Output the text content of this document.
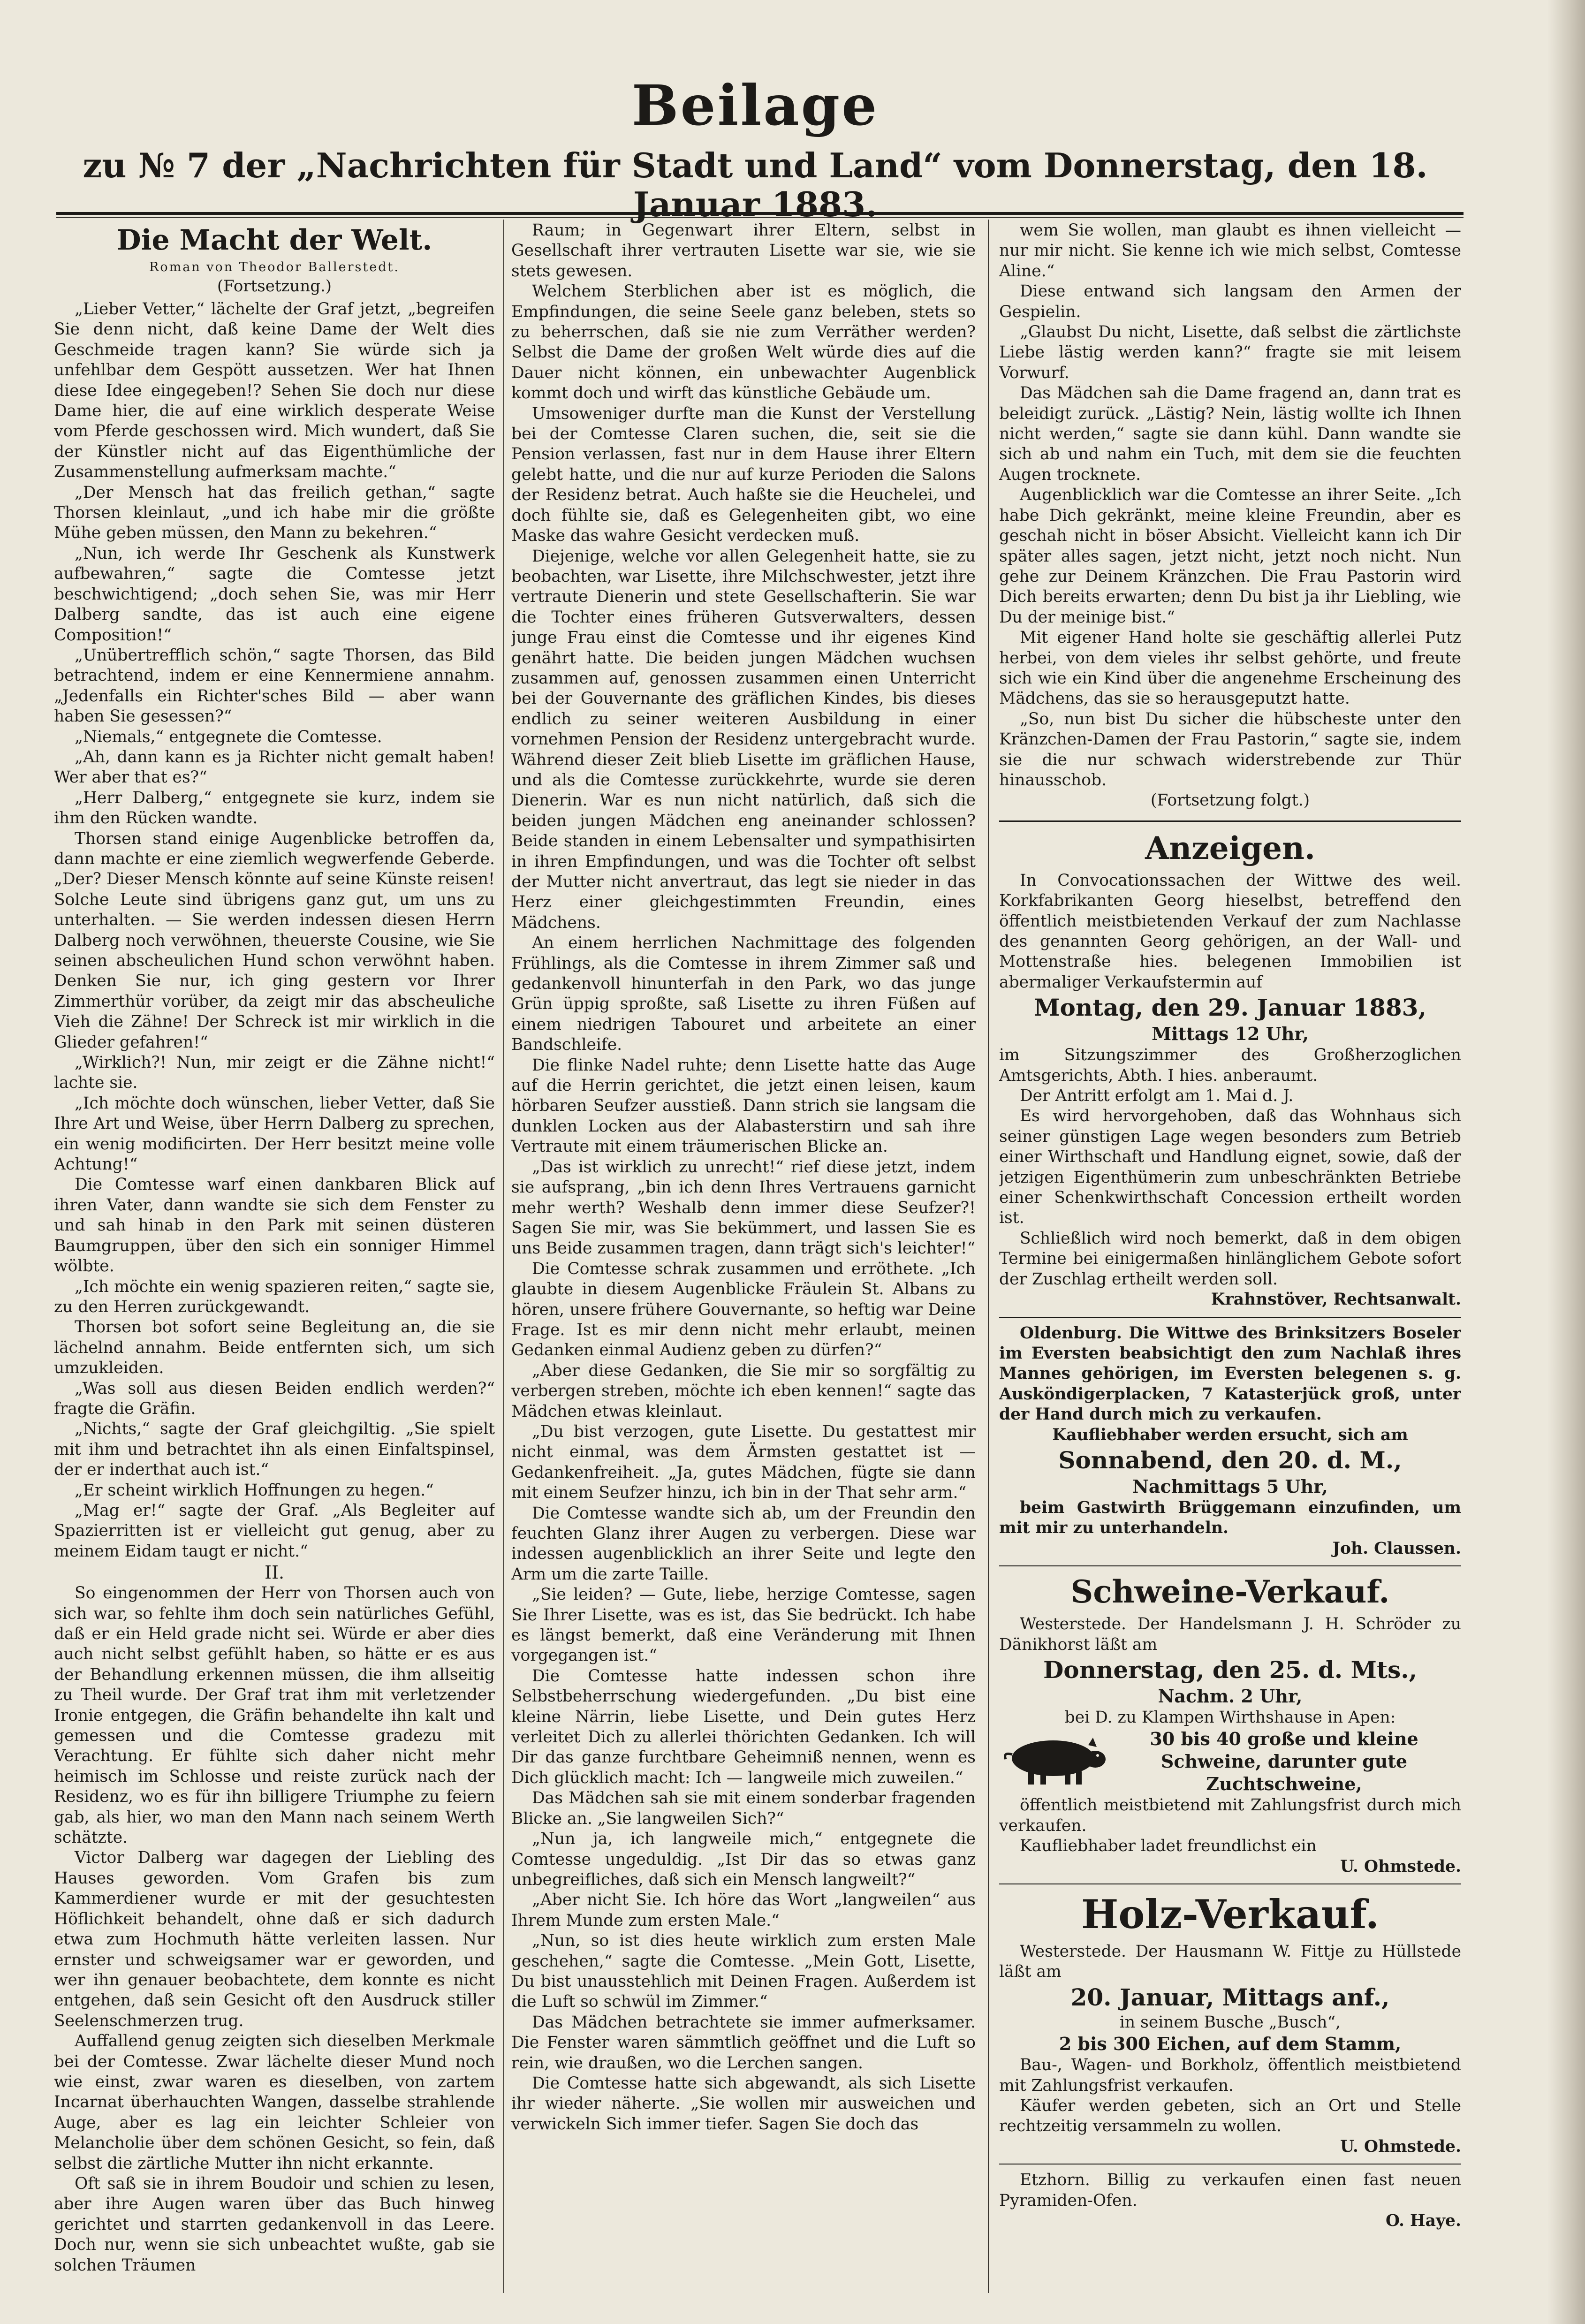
Beilage
zu № 7 der „Nachrichten für Stadt und Land“ vom Donnerstag, den 18. Januar 1883.
Die Macht der Welt.
Roman von Theodor Ballerstedt.
(Fortsetzung.)

„Lieber Vetter,“ lächelte der Graf jetzt, „begreifen Sie denn nicht, daß keine Dame der Welt dies Geschmeide tragen kann? Sie würde sich ja unfehlbar dem Gespött aussetzen. Wer hat Ihnen diese Idee eingegeben!? Sehen Sie doch nur diese Dame hier, die auf eine wirklich desperate Weise vom Pferde geschossen wird. Mich wundert, daß Sie der Künstler nicht auf das Eigenthümliche der Zusammenstellung aufmerksam machte.“

„Der Mensch hat das freilich gethan,“ sagte Thorsen kleinlaut, „und ich habe mir die größte Mühe geben müssen, den Mann zu bekehren.“

„Nun, ich werde Ihr Geschenk als Kunstwerk aufbewahren,“ sagte die Comtesse jetzt beschwichtigend; „doch sehen Sie, was mir Herr Dalberg sandte, das ist auch eine eigene Composition!“

„Unübertrefflich schön,“ sagte Thorsen, das Bild betrachtend, indem er eine Kennermiene annahm. „Jedenfalls ein Richter'sches Bild — aber wann haben Sie gesessen?“

„Niemals,“ entgegnete die Comtesse.

„Ah, dann kann es ja Richter nicht gemalt haben! Wer aber that es?“

„Herr Dalberg,“ entgegnete sie kurz, indem sie ihm den Rücken wandte.

Thorsen stand einige Augenblicke betroffen da, dann machte er eine ziemlich wegwerfende Geberde. „Der? Dieser Mensch könnte auf seine Künste reisen! Solche Leute sind übrigens ganz gut, um uns zu unterhalten. — Sie werden indessen diesen Herrn Dalberg noch verwöhnen, theuerste Cousine, wie Sie seinen abscheulichen Hund schon verwöhnt haben. Denken Sie nur, ich ging gestern vor Ihrer Zimmerthür vorüber, da zeigt mir das abscheuliche Vieh die Zähne! Der Schreck ist mir wirklich in die Glieder gefahren!“

„Wirklich?! Nun, mir zeigt er die Zähne nicht!“ lachte sie.

„Ich möchte doch wünschen, lieber Vetter, daß Sie Ihre Art und Weise, über Herrn Dalberg zu sprechen, ein wenig modificirten. Der Herr besitzt meine volle Achtung!“

Die Comtesse warf einen dankbaren Blick auf ihren Vater, dann wandte sie sich dem Fenster zu und sah hinab in den Park mit seinen düsteren Baumgruppen, über den sich ein sonniger Himmel wölbte.

„Ich möchte ein wenig spazieren reiten,“ sagte sie, zu den Herren zurückgewandt.

Thorsen bot sofort seine Begleitung an, die sie lächelnd annahm. Beide entfernten sich, um sich umzukleiden.

„Was soll aus diesen Beiden endlich werden?“ fragte die Gräfin.

„Nichts,“ sagte der Graf gleichgiltig. „Sie spielt mit ihm und betrachtet ihn als einen Einfaltspinsel, der er inderthat auch ist.“

„Er scheint wirklich Hoffnungen zu hegen.“

„Mag er!“ sagte der Graf. „Als Begleiter auf Spazierritten ist er vielleicht gut genug, aber zu meinem Eidam taugt er nicht.“

II.

So eingenommen der Herr von Thorsen auch von sich war, so fehlte ihm doch sein natürliches Gefühl, daß er ein Held grade nicht sei. Würde er aber dies auch nicht selbst gefühlt haben, so hätte er es aus der Behandlung erkennen müssen, die ihm allseitig zu Theil wurde. Der Graf trat ihm mit verletzender Ironie entgegen, die Gräfin behandelte ihn kalt und gemessen und die Comtesse gradezu mit Verachtung. Er fühlte sich daher nicht mehr heimisch im Schlosse und reiste zurück nach der Residenz, wo es für ihn billigere Triumphe zu feiern gab, als hier, wo man den Mann nach seinem Werth schätzte.

Victor Dalberg war dagegen der Liebling des Hauses geworden. Vom Grafen bis zum Kammerdiener wurde er mit der gesuchtesten Höflichkeit behandelt, ohne daß er sich dadurch etwa zum Hochmuth hätte verleiten lassen. Nur ernster und schweigsamer war er geworden, und wer ihn genauer beobachtete, dem konnte es nicht entgehen, daß sein Gesicht oft den Ausdruck stiller Seelenschmerzen trug.

Auffallend genug zeigten sich dieselben Merkmale bei der Comtesse. Zwar lächelte dieser Mund noch wie einst, zwar waren es dieselben, von zartem Incarnat überhauchten Wangen, dasselbe strahlende Auge, aber es lag ein leichter Schleier von Melancholie über dem schönen Gesicht, so fein, daß selbst die zärtliche Mutter ihn nicht erkannte.

Oft saß sie in ihrem Boudoir und schien zu lesen, aber ihre Augen waren über das Buch hinweg gerichtet und starrten gedankenvoll in das Leere. Doch nur, wenn sie sich unbeachtet wußte, gab sie solchen Träumen

Raum; in Gegenwart ihrer Eltern, selbst in Gesellschaft ihrer vertrauten Lisette war sie, wie sie stets gewesen.

Welchem Sterblichen aber ist es möglich, die Empfindungen, die seine Seele ganz beleben, stets so zu beherrschen, daß sie nie zum Verräther werden? Selbst die Dame der großen Welt würde dies auf die Dauer nicht können, ein unbewachter Augenblick kommt doch und wirft das künstliche Gebäude um.

Umsoweniger durfte man die Kunst der Verstellung bei der Comtesse Claren suchen, die, seit sie die Pension verlassen, fast nur in dem Hause ihrer Eltern gelebt hatte, und die nur auf kurze Perioden die Salons der Residenz betrat. Auch haßte sie die Heuchelei, und doch fühlte sie, daß es Gelegenheiten gibt, wo eine Maske das wahre Gesicht verdecken muß.

Diejenige, welche vor allen Gelegenheit hatte, sie zu beobachten, war Lisette, ihre Milchschwester, jetzt ihre vertraute Dienerin und stete Gesellschafterin. Sie war die Tochter eines früheren Gutsverwalters, dessen junge Frau einst die Comtesse und ihr eigenes Kind genährt hatte. Die beiden jungen Mädchen wuchsen zusammen auf, genossen zusammen einen Unterricht bei der Gouvernante des gräflichen Kindes, bis dieses endlich zu seiner weiteren Ausbildung in einer vornehmen Pension der Residenz untergebracht wurde. Während dieser Zeit blieb Lisette im gräflichen Hause, und als die Comtesse zurückkehrte, wurde sie deren Dienerin. War es nun nicht natürlich, daß sich die beiden jungen Mädchen eng aneinander schlossen? Beide standen in einem Lebensalter und sympathisirten in ihren Empfindungen, und was die Tochter oft selbst der Mutter nicht anvertraut, das legt sie nieder in das Herz einer gleichgestimmten Freundin, eines Mädchens.

An einem herrlichen Nachmittage des folgenden Frühlings, als die Comtesse in ihrem Zimmer saß und gedankenvoll hinunterfah in den Park, wo das junge Grün üppig sproßte, saß Lisette zu ihren Füßen auf einem niedrigen Tabouret und arbeitete an einer Bandschleife.

Die flinke Nadel ruhte; denn Lisette hatte das Auge auf die Herrin gerichtet, die jetzt einen leisen, kaum hörbaren Seufzer ausstieß. Dann strich sie langsam die dunklen Locken aus der Alabasterstirn und sah ihre Vertraute mit einem träumerischen Blicke an.

„Das ist wirklich zu unrecht!“ rief diese jetzt, indem sie aufsprang, „bin ich denn Ihres Vertrauens garnicht mehr werth? Weshalb denn immer diese Seufzer?! Sagen Sie mir, was Sie bekümmert, und lassen Sie es uns Beide zusammen tragen, dann trägt sich's leichter!“

Die Comtesse schrak zusammen und erröthete. „Ich glaubte in diesem Augenblicke Fräulein St. Albans zu hören, unsere frühere Gouvernante, so heftig war Deine Frage. Ist es mir denn nicht mehr erlaubt, meinen Gedanken einmal Audienz geben zu dürfen?“

„Aber diese Gedanken, die Sie mir so sorgfältig zu verbergen streben, möchte ich eben kennen!“ sagte das Mädchen etwas kleinlaut.

„Du bist verzogen, gute Lisette. Du gestattest mir nicht einmal, was dem Ärmsten gestattet ist — Gedankenfreiheit. „Ja, gutes Mädchen, fügte sie dann mit einem Seufzer hinzu, ich bin in der That sehr arm.“

Die Comtesse wandte sich ab, um der Freundin den feuchten Glanz ihrer Augen zu verbergen. Diese war indessen augenblicklich an ihrer Seite und legte den Arm um die zarte Taille.

„Sie leiden? — Gute, liebe, herzige Comtesse, sagen Sie Ihrer Lisette, was es ist, das Sie bedrückt. Ich habe es längst bemerkt, daß eine Veränderung mit Ihnen vorgegangen ist.“

Die Comtesse hatte indessen schon ihre Selbstbeherrschung wiedergefunden. „Du bist eine kleine Närrin, liebe Lisette, und Dein gutes Herz verleitet Dich zu allerlei thörichten Gedanken. Ich will Dir das ganze furchtbare Geheimniß nennen, wenn es Dich glücklich macht: Ich — langweile mich zuweilen.“

Das Mädchen sah sie mit einem sonderbar fragenden Blicke an. „Sie langweilen Sich?“

„Nun ja, ich langweile mich,“ entgegnete die Comtesse ungeduldig. „Ist Dir das so etwas ganz unbegreifliches, daß sich ein Mensch langweilt?“

„Aber nicht Sie. Ich höre das Wort „langweilen“ aus Ihrem Munde zum ersten Male.“

„Nun, so ist dies heute wirklich zum ersten Male geschehen,“ sagte die Comtesse. „Mein Gott, Lisette, Du bist unausstehlich mit Deinen Fragen. Außerdem ist die Luft so schwül im Zimmer.“

Das Mädchen betrachtete sie immer aufmerksamer. Die Fenster waren sämmtlich geöffnet und die Luft so rein, wie draußen, wo die Lerchen sangen.

Die Comtesse hatte sich abgewandt, als sich Lisette ihr wieder näherte. „Sie wollen mir ausweichen und verwickeln Sich immer tiefer. Sagen Sie doch das

wem Sie wollen, man glaubt es ihnen vielleicht — nur mir nicht. Sie kenne ich wie mich selbst, Comtesse Aline.“

Diese entwand sich langsam den Armen der Gespielin.

„Glaubst Du nicht, Lisette, daß selbst die zärtlichste Liebe lästig werden kann?“ fragte sie mit leisem Vorwurf.

Das Mädchen sah die Dame fragend an, dann trat es beleidigt zurück. „Lästig? Nein, lästig wollte ich Ihnen nicht werden,“ sagte sie dann kühl. Dann wandte sie sich ab und nahm ein Tuch, mit dem sie die feuchten Augen trocknete.

Augenblicklich war die Comtesse an ihrer Seite. „Ich habe Dich gekränkt, meine kleine Freundin, aber es geschah nicht in böser Absicht. Vielleicht kann ich Dir später alles sagen, jetzt nicht, jetzt noch nicht. Nun gehe zur Deinem Kränzchen. Die Frau Pastorin wird Dich bereits erwarten; denn Du bist ja ihr Liebling, wie Du der meinige bist.“

Mit eigener Hand holte sie geschäftig allerlei Putz herbei, von dem vieles ihr selbst gehörte, und freute sich wie ein Kind über die angenehme Erscheinung des Mädchens, das sie so herausgeputzt hatte.

„So, nun bist Du sicher die hübscheste unter den Kränzchen-Damen der Frau Pastorin,“ sagte sie, indem sie die nur schwach widerstrebende zur Thür hinausschob.

(Fortsetzung folgt.)

Anzeigen.

In Convocationssachen der Wittwe des weil. Korkfabrikanten Georg hieselbst, betreffend den öffentlich meistbietenden Verkauf der zum Nachlasse des genannten Georg gehörigen, an der Wall- und Mottenstraße hies. belegenen Immobilien ist abermaliger Verkaufstermin auf

Montag, den 29. Januar 1883,
Mittags 12 Uhr,

im Sitzungszimmer des Großherzoglichen Amtsgerichts, Abth. I hies. anberaumt.

Der Antritt erfolgt am 1. Mai d. J.

Es wird hervorgehoben, daß das Wohnhaus sich seiner günstigen Lage wegen besonders zum Betrieb einer Wirthschaft und Handlung eignet, sowie, daß der jetzigen Eigenthümerin zum unbeschränkten Betriebe einer Schenkwirthschaft Concession ertheilt worden ist.

Schließlich wird noch bemerkt, daß in dem obigen Termine bei einigermaßen hinlänglichem Gebote sofort der Zuschlag ertheilt werden soll.

Krahnstöver, Rechtsanwalt.

Oldenburg. Die Wittwe des Brinksitzers Boseler im Eversten beabsichtigt den zum Nachlaß ihres Mannes gehörigen, im Eversten belegenen s. g. Ausköndigerplacken, 7 Katasterjück groß, unter der Hand durch mich zu verkaufen.

Kaufliebhaber werden ersucht, sich am

Sonnabend, den 20. d. M.,
Nachmittags 5 Uhr,

beim Gastwirth Brüggemann einzufinden, um mit mir zu unterhandeln.

Joh. Claussen.

Schweine-Verkauf.

Westerstede. Der Handelsmann J. H. Schröder zu Dänikhorst läßt am

Donnerstag, den 25. d. Mts.,
Nachm. 2 Uhr,

bei D. zu Klampen Wirthshause in Apen:

30 bis 40 große und kleine Schweine, darunter gute Zuchtschweine,

öffentlich meistbietend mit Zahlungsfrist durch mich verkaufen.

Kaufliebhaber ladet freundlichst ein

U. Ohmstede.

Holz-Verkauf.

Westerstede. Der Hausmann W. Fittje zu Hüllstede läßt am

20. Januar, Mittags anf.,

in seinem Busche „Busch“,

2 bis 300 Eichen, auf dem Stamm,

Bau-, Wagen- und Borkholz, öffentlich meistbietend mit Zahlungsfrist verkaufen.

Käufer werden gebeten, sich an Ort und Stelle rechtzeitig versammeln zu wollen.

U. Ohmstede.

Etzhorn. Billig zu verkaufen einen fast neuen Pyramiden-Ofen.

O. Haye.
